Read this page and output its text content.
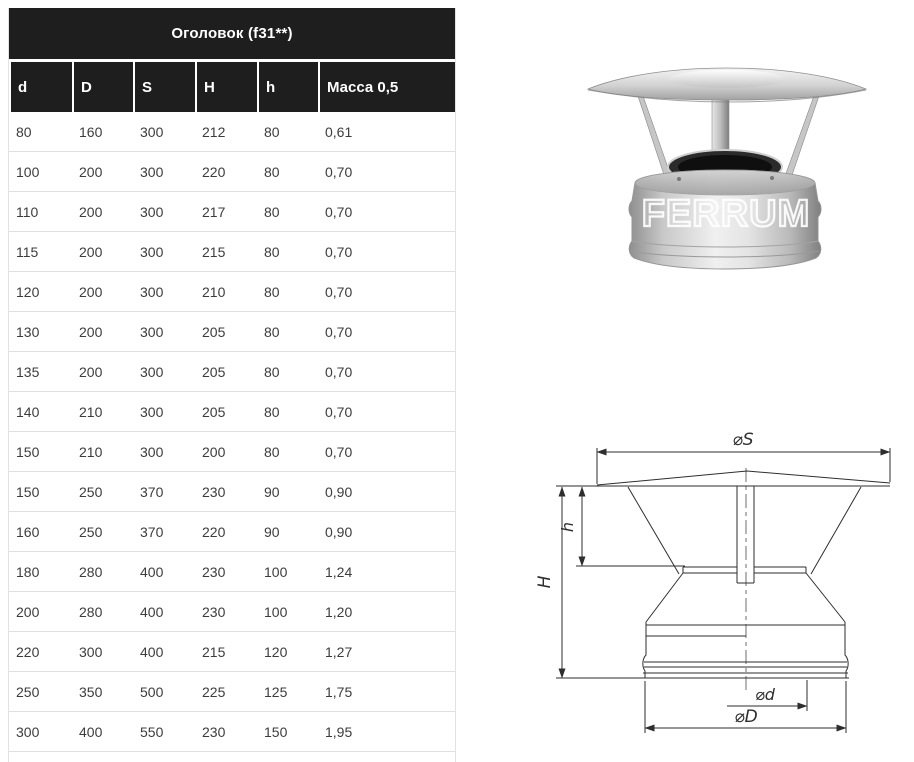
Оголовок (f31**)					
d	D	S	H	h	Масса 0,5
80	160	300	212	80	0,61
100	200	300	220	80	0,70
110	200	300	217	80	0,70
115	200	300	215	80	0,70
120	200	300	210	80	0,70
130	200	300	205	80	0,70
135	200	300	205	80	0,70
140	210	300	205	80	0,70
150	210	300	200	80	0,70
150	250	370	230	90	0,90
160	250	370	220	90	0,90
180	280	400	230	100	1,24
200	280	400	230	100	1,20
220	300	400	215	120	1,27
250	350	500	225	125	1,75
300	400	550	230	150	1,95
FERRUM
⌀S
H
h
⌀d
⌀D
